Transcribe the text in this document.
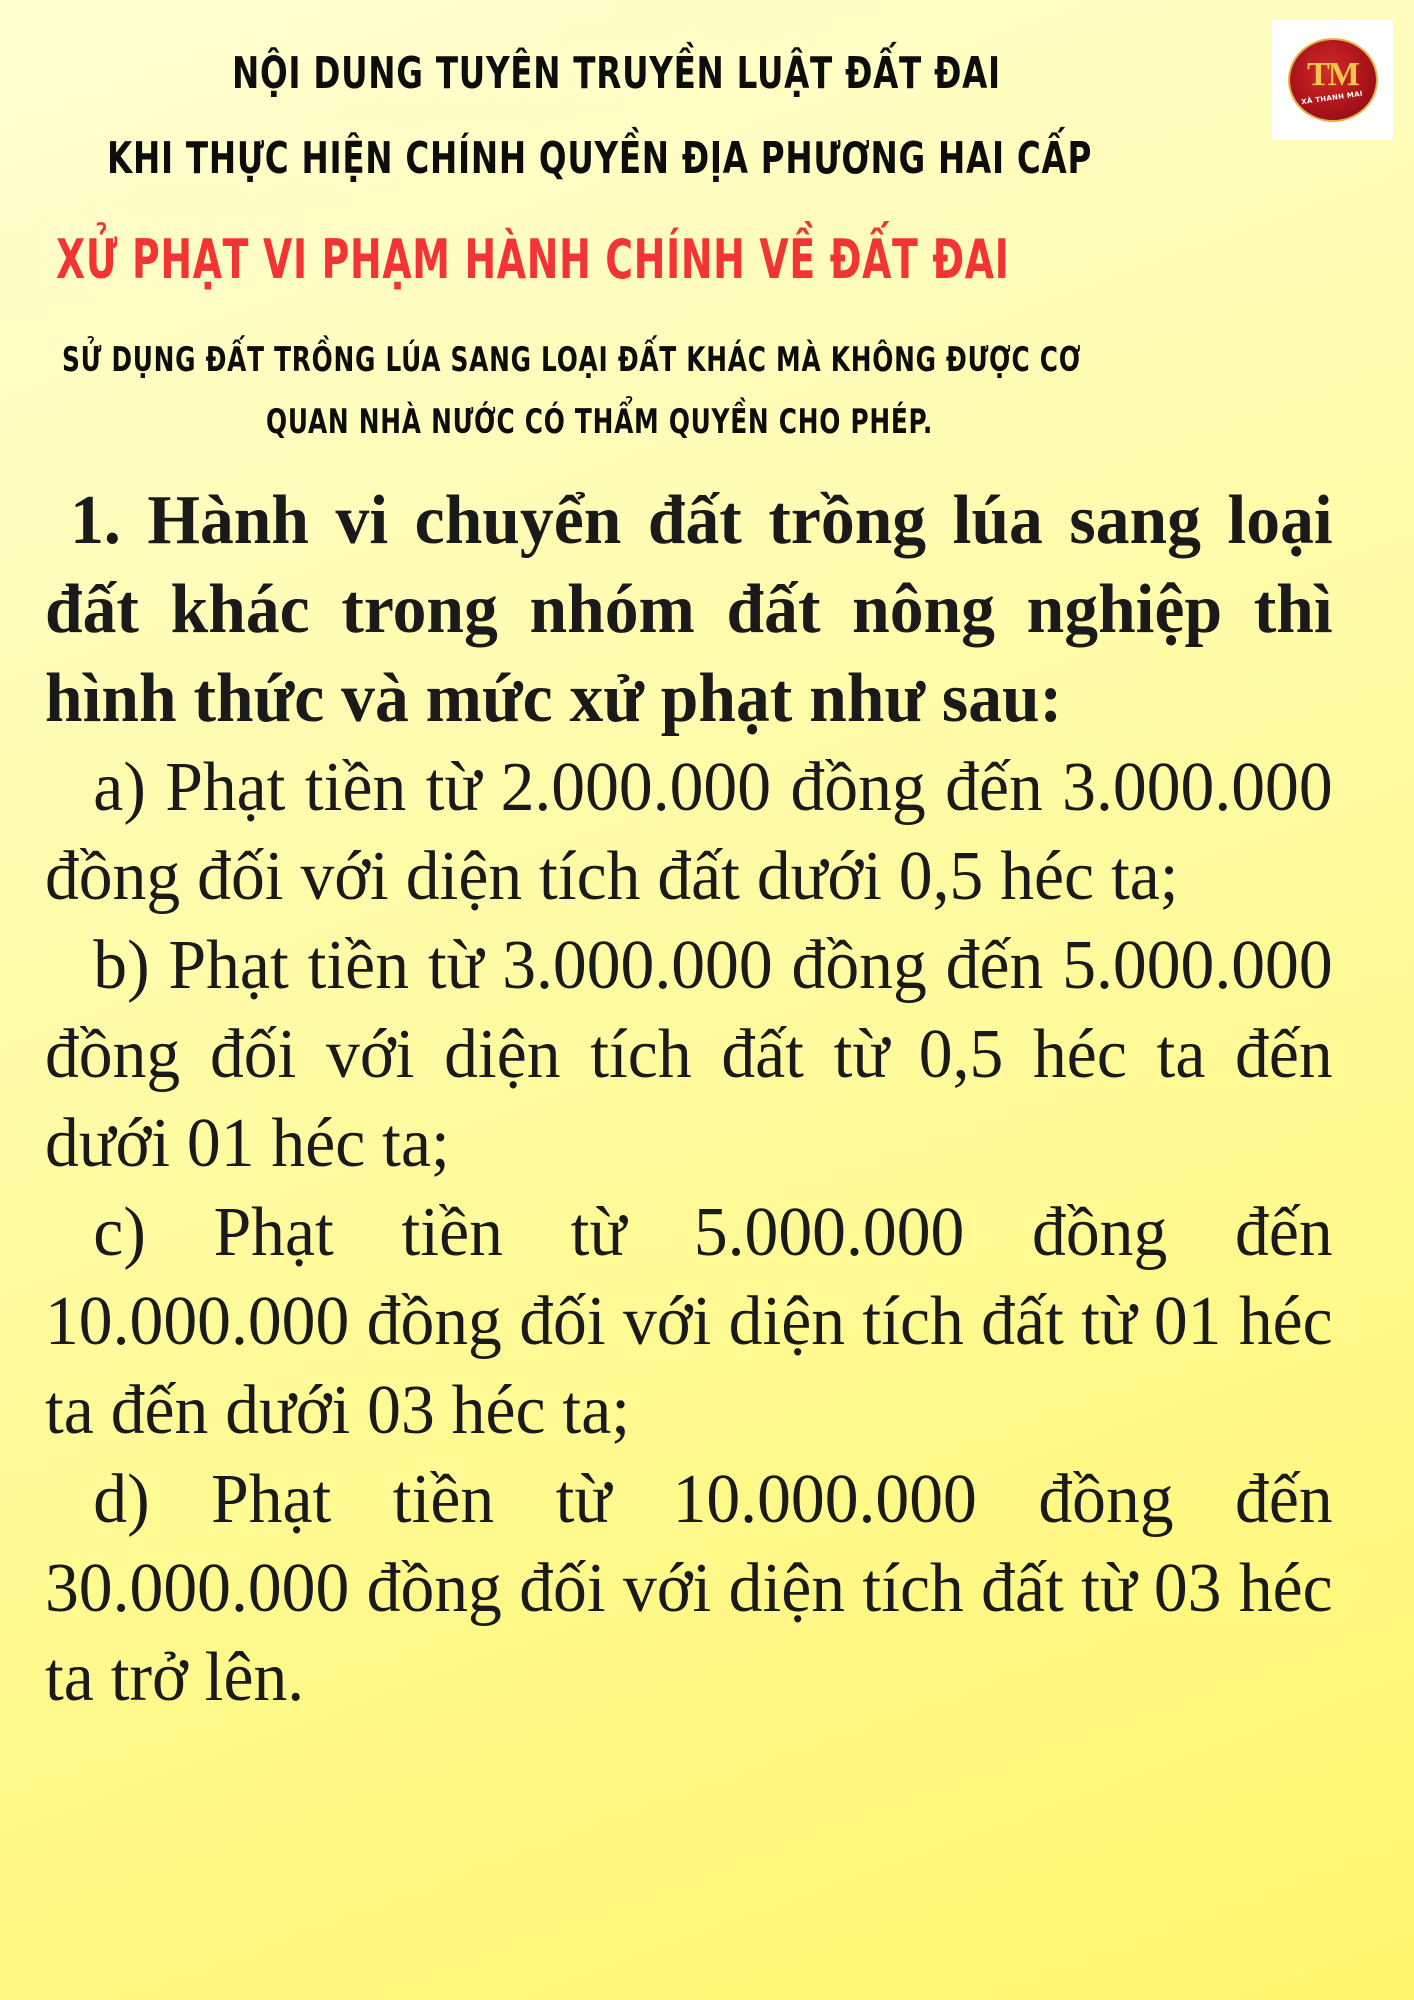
NỘI DUNG TUYÊN TRUYỀN LUẬT ĐẤT ĐAI
KHI THỰC HIỆN CHÍNH QUYỀN ĐỊA PHƯƠNG HAI CẤP
XỬ PHẠT VI PHẠM HÀNH CHÍNH VỀ ĐẤT ĐAI
SỬ DỤNG ĐẤT TRỒNG LÚA SANG LOẠI ĐẤT KHÁC MÀ KHÔNG ĐƯỢC CƠ
QUAN NHÀ NƯỚC CÓ THẨM QUYỀN CHO PHÉP.
TM
XÃ THANH MAI

1. Hành vi chuyển đất trồng lúa sang loại đất khác trong nhóm đất nông nghiệp thì hình thức và mức xử phạt như sau:

a) Phạt tiền từ 2.000.000 đồng đến 3.000.000 đồng đối với diện tích đất dưới 0,5 héc ta;

b) Phạt tiền từ 3.000.000 đồng đến 5.000.000 đồng đối với diện tích đất từ 0,5 héc ta đến dưới 01 héc ta;

c) Phạt tiền từ 5.000.000 đồng đến 10.000.000 đồng đối với diện tích đất từ 01 héc ta đến dưới 03 héc ta;

d) Phạt tiền từ 10.000.000 đồng đến 30.000.000 đồng đối với diện tích đất từ 03 héc ta trở lên.
